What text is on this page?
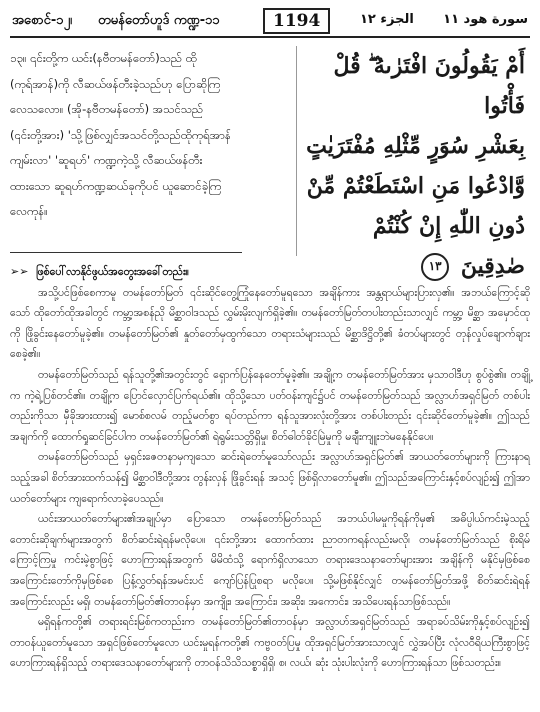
အစောင်-၁၂၊ တမန်တော်ဟူဒ် ကဏ္ဍ-၁၁	1194	الجزء ١٢ سورة هود ١١

၁၃။ ၎င်းတို့က ယင်း(နဗီတမန်တော်)သည် ထို

(ကုရ်အာန်)ကို လီဆယ်ဖန်တီးခဲ့သည်ဟု ပြောဆိုကြ

လေသလော။ (အို-နဗီတမန်တော်) အသင်သည်

(၎င်းတို့အား) 'သို့ဖြစ်လျှင်အသင်တို့သည်ထိုကုရ်အာန်

ကျမ်းလာ' 'ဆူရဟ်' ကဏ္ဍကဲ့သို့ လီဆယ်ဖန်တီး

ထားသော ဆူရဟ်ကဏ္ဍဆယ်ခုကိုပင် ယူဆောင်ခဲ့ကြ

လေကုန်။

أَمْ يَقُولُونَ افْتَرٰىهُ ۖ قُلْ فَأْتُوا
بِعَشْرِ سُوَرٍ مِّثْلِهِ مُفْتَرَيٰتٍ
وَّادْعُوا مَنِ اسْتَطَعْتُمْ مِّنْ
دُونِ اللّٰهِ إِنْ كُنْتُمْ
صٰدِقِينَ ١٣

➢➢ ဖြစ်ပေါ်လာနိုင်ဖွယ်အတွေးအခေါ်တည်း။

အသို့ပင်ဖြစ်စေကာမူ တမန်တော်မြတ် ၎င်းဆိုင်တွေ့ကြုံနေတော်မူရသော အချိန်ကား အန္တရာယ်များပြားလှ၏။ အဘယ်ကြောင့်ဆိုသော် ထိုတော်ထိုအခါတွင် ကမ္ဘာ့အစန်ညို မိစ္ဆာဝါဒသည် လွှမ်းမိုးလျက်ရှိခဲ့၏။ တမန်တော်မြတ်တပါးတည်းသာလျှင် ကမ္ဘာ့ မိစ္ဆာ အမှောင်ထုကို ဖြိုခွင်းနေတော်မူခဲ့၏။ တမန်တော်မြတ်၏ နှုတ်တော်မှထွက်သော တရားသံများသည် မိစ္ဆာဒိဋ္ဌိတို့၏ ခံတပ်များတွင် တုန်လှုပ်ချောက်ချားစေခဲ့၏။

တမန်တော်မြတ်သည် ရန်သူတို့၏အတွင်းတွင် ရှောက်ပြန်နေတော်မူခဲ့၏။ အချို့က တမန်တော်မြတ်အား မှသာဝါဒီဟု စွပ်စွဲ၏။ တချို့က ကဲ့ရဲ့ပြစ်တင်၏။ တချို့က ပြောင်လှောင်ပြက်ရယ်၏။ ထိုသို့သော ပတ်ဝန်းကျင်၌ပင် တမန်တော်မြတ်သည် အလ္လာဟ်အရှင်မြတ် တစ်ပါးတည်းကိုသာ မှီခိုအားထား၍ မောစ်စလမ် တည့်မတ်စွာ ရပ်တည်ကာ ရန်သူအားလုံးတို့အား တစ်ပါးတည်း ၎င်းဆိုင်တော်မူခဲ့၏။ ဤသည်အချက်ကို ထောက်ရှုဆင်ခြင်ပါက တမန်တော်မြတ်၏ ရဲရွမ်းသတ္တိရှိမှု၊ စိတ်ဓါတ်ခိုင်မြဲမှုကို မချီးကျူးဘဲမနေနိုင်ပေ။

တမန်တော်မြတ်သည် မှရှင်းဇေတနာမှကျသော ဆင်းရဲတော်မူသော်လည်း အလ္လာဟ်အရှင်မြတ်၏ အာယတ်တော်များကို ကြားနာရသည့်အခါ စိတ်အားထက်သန်၍ မိစ္ဆာဝါဒီတို့အား တွန်းလှန် ဖြိုခွင်းရန် အသင့် ဖြစ်ရှိလာတော်မူ၏။ ဤသည်အကြောင်းနှင့်စပ်လျဉ်း၍ ဤအာယတ်တော်များ ကျရောက်လာခဲ့ပေသည်။

ယင်းအာယတ်တော်များ၏အချုပ်မှာ ပြောသော တမန်တော်မြတ်သည် အဘယ်ပါမမှုကိုရန်ကိုမှ၏ အဓိပ္ပါယ်ကင်းမဲ့သည့် တောင်းဆိုချက်များအတွက် စိတ်ဆင်းရဲရန်မလိုပေ။ ၎င်းတို့အား ထောက်ထား ညာတကရန်လည်းမလို၊ တမန်တော်မြတ်သည် စိုးရိမ်ကြောင့်ကြမှု ကင်းမဲ့စွာဖြင့် ဟောကြားရန်အတွက် မိမိထံသို့ ရောက်ရှိလာသော တရားဒေသနာတော်များအား အချိန်ကို မနိုင်မှဖြစ်စေ အကြောင်းတော်ကိုမှဖြစ်စေ ပြန့်လွှတ်ရန်အမင်းပင် ကျော်ပြန်ပြုစရာ မလိုပေ။ သို့မဖြစ်နိုင်လျှင် တမန်တော်မြတ်အဖို့ စိတ်ဆင်းရဲရန် အကြောင်းလည်း မရှိ၊ တမန်တော်မြတ်၏တာဝန်မှာ အကျိုး၊ အကြောင်း၊ အဆိုး၊ အကောင်း၊ အသိပေးရန်သာဖြစ်သည်။

မရှိရန်ကတို့၏ တရားရင်းမြစ်ကတည်းက တမန်တော်မြတ်၏တာဝန်မှာ အလ္လာဟ်အရှင်မြတ်သည် အရာခပ်သိမ်းကိုနှင့်စပ်လျဉ်း၍ တာဝန်ယူတော်မူသော အရှင်ဖြစ်တော်မူလော ယင်းမှုရန်ကတို့၏ ကဗ္ဗဝတ်ပြမှု ထိုအရှင်မြတ်အားသာလျှင် လွှဲအပ်ပြီး လုံလဝီရိယကြီးစွာဖြင့် ဟောကြားရန်ရှိသည့် တရားဒေသနာတော်များကို တာဝန်သိသိသစ္စာရှိရှိ၊ စ၊ လယ်၊ ဆုံး သုံးပါးလုံးကို ဟောကြားရန်သာ ဖြစ်သတည်း။
